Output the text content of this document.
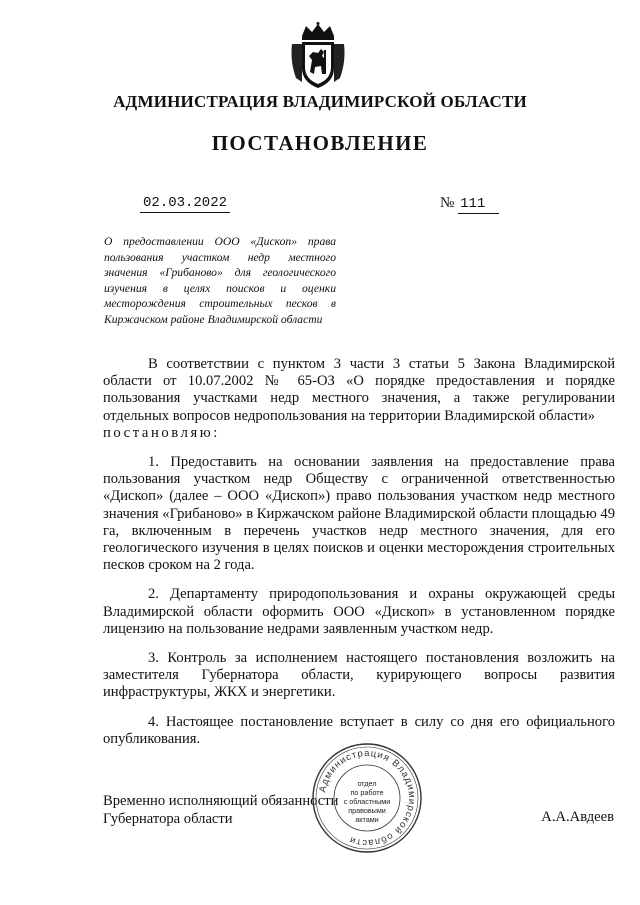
АДМИНИСТРАЦИЯ ВЛАДИМИРСКОЙ ОБЛАСТИ
ПОСТАНОВЛЕНИЕ
02.03.2022	№ 111
О предоставлении ООО «Дископ» права пользования участком недр местного значения «Грибаново» для геологического изучения в целях поисков и оценки месторождения строительных песков в Киржачском районе Владимирской области

В соответствии с пунктом 3 части 3 статьи 5 Закона Владимирской области от 10.07.2002 № 65-ОЗ «О порядке предоставления и порядке пользования участками недр местного значения, а также регулировании отдельных вопросов недропользования на территории Владимирской области»

постановляю:

1. Предоставить на основании заявления на предоставление права пользования участком недр Обществу с ограниченной ответственностью «Дископ» (далее – ООО «Дископ») право пользования участком недр местного значения «Грибаново» в Киржачском районе Владимирской области площадью 49 га, включенным в перечень участков недр местного значения, для его геологического изучения в целях поисков и оценки месторождения строительных песков сроком на 2 года.

2. Департаменту природопользования и охраны окружающей среды Владимирской области оформить ООО «Дископ» в установленном порядке лицензию на пользование недрами заявленным участком недр.

3. Контроль за исполнением настоящего постановления возложить на заместителя Губернатора области, курирующего вопросы развития инфраструктуры, ЖКХ и энергетики.

4. Настоящее постановление вступает в силу со дня его официального опубликования.

Временно исполняющий обязанности
Губернатора области	А.А.Авдеев
Администрация Владимирской области
отдел
по работе
с областными
правовыми
актами
